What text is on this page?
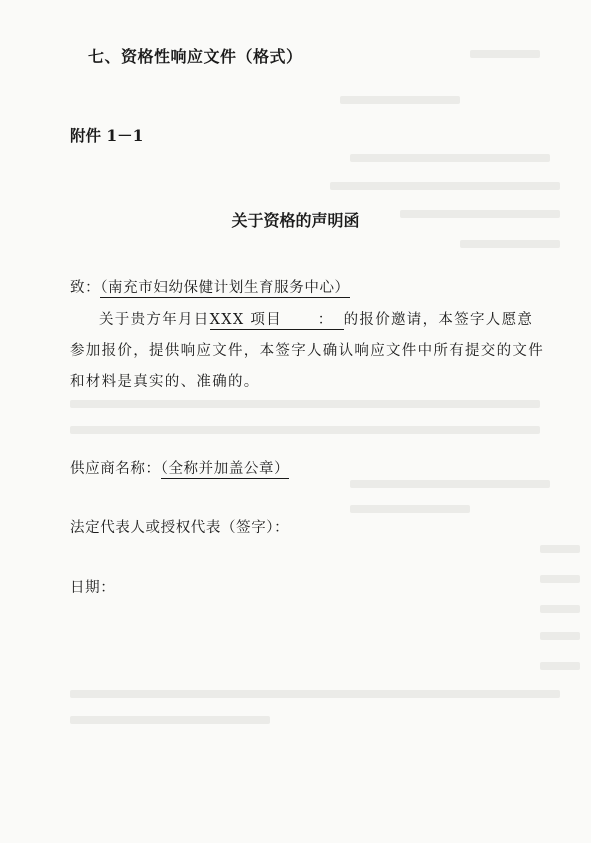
七、资格性响应文件（格式）
附件 1－1
关于资格的声明函
致：（南充市妇幼保健计划生育服务中心）
关于贵方年月日XXX 项目 ： 的报价邀请，本签字人愿意参加报价，提供响应文件，本签字人确认响应文件中所有提交的文件和材料是真实的、准确的。
供应商名称：（全称并加盖公章）
法定代表人或授权代表（签字）：
日期：
